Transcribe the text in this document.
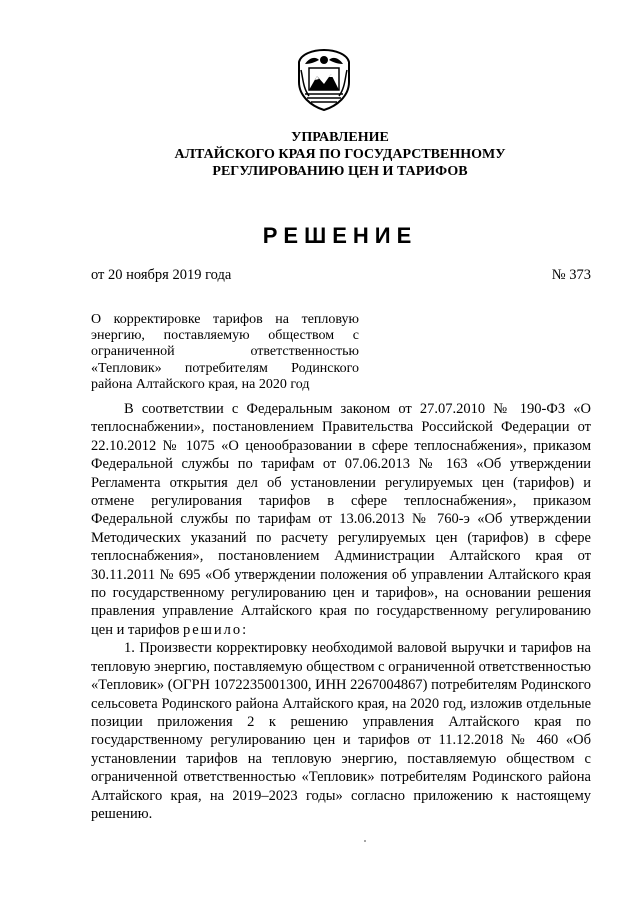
УПРАВЛЕНИЕ
АЛТАЙСКОГО КРАЯ ПО ГОСУДАРСТВЕННОМУ
РЕГУЛИРОВАНИЮ ЦЕН И ТАРИФОВ
РЕШЕНИЕ
от 20 ноября 2019 года	№ 373
О корректировке тарифов на тепловую энергию, поставляемую обществом с ограниченной ответственностью «Тепловик» потребителям Родинского района Алтайского края, на 2020 год

В соответствии с Федеральным законом от 27.07.2010 № 190-ФЗ «О теплоснабжении», постановлением Правительства Российской Федерации от 22.10.2012 № 1075 «О ценообразовании в сфере теплоснабжения», приказом Федеральной службы по тарифам от 07.06.2013 № 163 «Об утверждении Регламента открытия дел об установлении регулируемых цен (тарифов) и отмене регулирования тарифов в сфере теплоснабжения», приказом Федеральной службы по тарифам от 13.06.2013 № 760-э «Об утверждении Методических указаний по расчету регулируемых цен (тарифов) в сфере теплоснабжения», постановлением Администрации Алтайского края от 30.11.2011 № 695 «Об утверждении положения об управлении Алтайского края по государственному регулированию цен и тарифов», на основании решения правления управление Алтайского края по государственному регулированию цен и тарифов решило:

1. Произвести корректировку необходимой валовой выручки и тарифов на тепловую энергию, поставляемую обществом с ограниченной ответственностью «Тепловик» (ОГРН 1072235001300, ИНН 2267004867) потребителям Родинского сельсовета Родинского района Алтайского края, на 2020 год, изложив отдельные позиции приложения 2 к решению управления Алтайского края по государственному регулированию цен и тарифов от 11.12.2018 № 460 «Об установлении тарифов на тепловую энергию, поставляемую обществом с ограниченной ответственностью «Тепловик» потребителям Родинского района Алтайского края, на 2019–2023 годы» согласно приложению к настоящему решению.
